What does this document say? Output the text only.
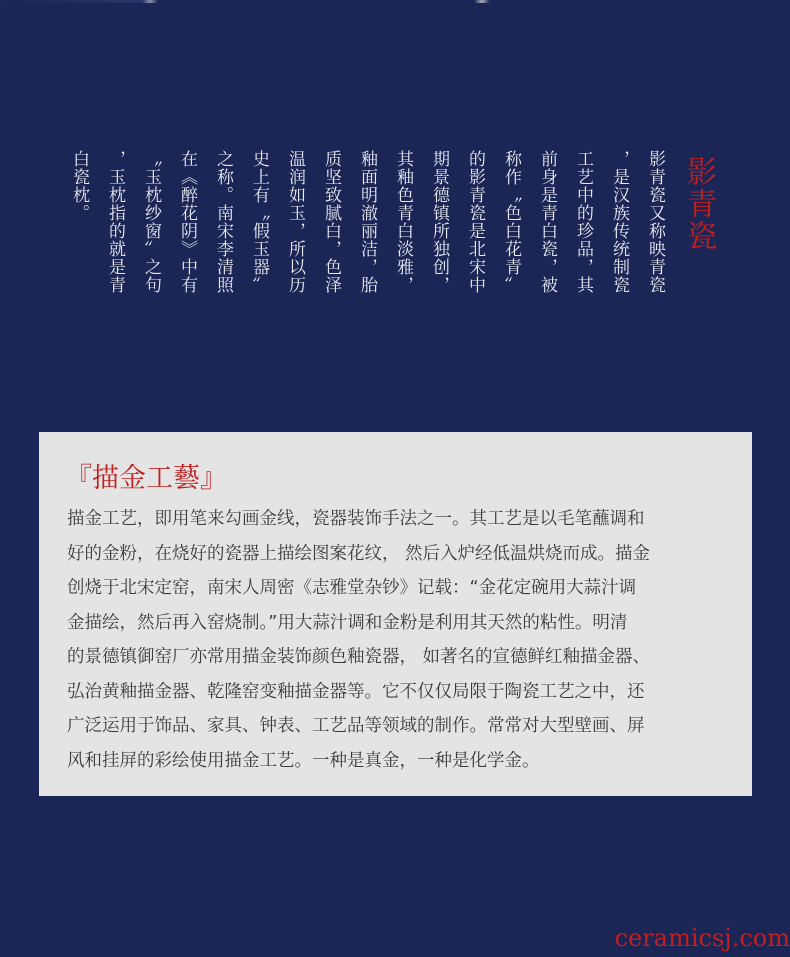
影青瓷
影青瓷又称映青瓷
，是汉族传统制瓷
工艺中的珍品，其
前身是青白瓷，被
称作〝色白花青〞
的影青瓷是北宋中
期景德镇所独创，
其釉色青白淡雅，
釉面明澈丽洁，胎
质坚致腻白，色泽
温润如玉，所以历
史上有〝假玉器〞
之称。南宋李清照
在《醉花阴》中有
〝玉枕纱窗〞之句
，玉枕指的就是青
白瓷枕。
『描金工藝』
描金工艺，即用笔来勾画金线，瓷器装饰手法之一。其工艺是以毛笔蘸调和
好的金粉，在烧好的瓷器上描绘图案花纹， 然后入炉经低温烘烧而成。描金
创烧于北宋定窑，南宋人周密《志雅堂杂钞》记载：“金花定碗用大蒜汁调
金描绘，然后再入窑烧制。”用大蒜汁调和金粉是利用其天然的粘性。明清
的景德镇御窑厂亦常用描金装饰颜色釉瓷器， 如著名的宣德鲜红釉描金器、
弘治黄釉描金器、乾隆窑变釉描金器等。它不仅仅局限于陶瓷工艺之中，还
广泛运用于饰品、家具、钟表、工艺品等领域的制作。常常对大型壁画、屏
风和挂屏的彩绘使用描金工艺。一种是真金，一种是化学金。
ceramicsj.com
